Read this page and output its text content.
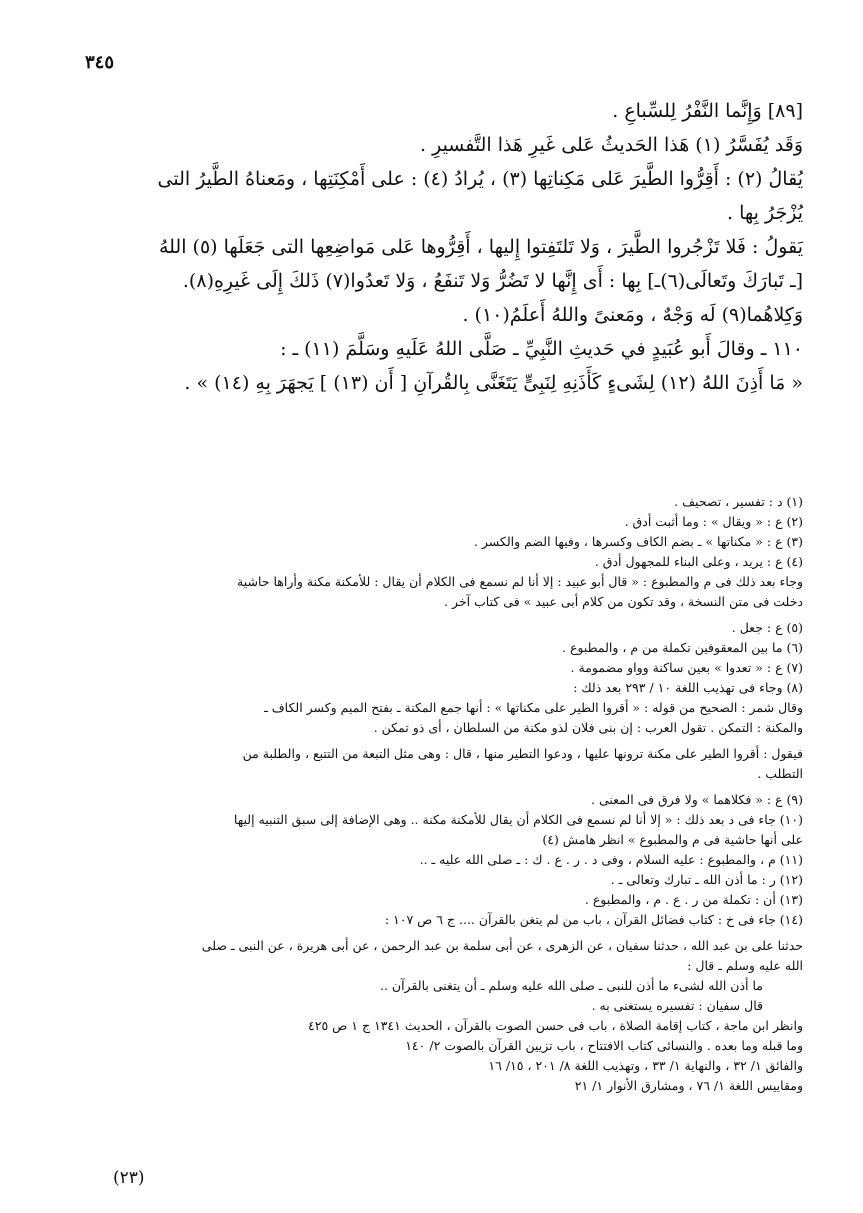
٣٤٥

[٨٩] وَإِنَّما النَّفْرُ لِلسِّباعِ .

وَقَد يُفَسَّرُ (١) هَذا الحَديثُ عَلى غَيرِ هَذا التَّفسيرِ .

يُقالُ (٢) : أَقِرُّوا الطَّيرَ عَلى مَكِناتِها (٣) ، يُرادُ (٤) : على أَمْكِنَتِها ، ومَعناهُ الطَّيرُ التى

يُزْجَرُ بِها .

يَقولُ : فَلا تَزْجُروا الطَّيرَ ، وَلا تَلتَفِتوا إِليها ، أَقِرُّوها عَلى مَواضِعِها التى جَعَلَها (٥) اللهُ

[ـ تَبارَكَ وتَعالَى(٦)ـ] بِها : أَى إِنَّها لا تَضُرُّ وَلا تَنفَعُ ، وَلا تَعدُوا(٧) ذَلكَ إِلَى غَيرِهِ(٨).

وَكِلاهُما(٩) لَه وَجْهٌ ، ومَعنىً واللهُ أَعلَمُ(١٠) .

١١٠ ـ وقالَ أَبو عُبَيدٍ في حَديثِ النَّبِيِّ ـ صَلَّى اللهُ عَلَيهِ وسَلَّمَ (١١) ـ :

« مَا أَذِنَ اللهُ (١٢) لِشَىءٍ كَأَذَنِهِ لِنَبِىٍّ يَتَغَنَّى بِالقُرآنِ [ أَن (١٣) ] يَجهَرَ بِهِ (١٤) » .

(١) د : تفسير ، تصحيف .

(٢) ع : « ويقال » : وما أثبت أدق .

(٣) ع : « مكناتها » ـ بضم الكاف وكسرها ، وفيها الضم والكسر .

(٤) ع : يريد ، وعلى البناء للمجهول أدق .

وجاء بعد ذلك فى م والمطبوع : « قال أبو عبيد : إلا أنا لم نسمع فى الكلام أن يقال : للأمكنة مكنة وأراها حاشية

دخلت فى متن النسخة ، وقد تكون من كلام أبى عبيد » فى كتاب آخر .

(٥) ع : جعل .

(٦) ما بين المعقوفين تكملة من م ، والمطبوع .

(٧) ع : « تعدوا » بعين ساكنة وواو مضمومة .

(٨) وجاء فى تهذيب اللغة ١٠ / ٢٩٣ بعد ذلك :

وقال شمر : الصحيح من قوله : « أقروا الطير على مكناتها » : أنها جمع المكنة ـ بفتح الميم وكسر الكاف ـ

والمكنة : التمكن . تقول العرب : إن بنى فلان لذو مكنة من السلطان ، أى ذو تمكن .

فيقول : أقروا الطير على مكنة ترونها عليها ، ودعوا التطير منها ، قال : وهى مثل التبعة من التتبع ، والطلبة من

التطلب .

(٩) ع : « فكلاهما » ولا فرق فى المعنى .

(١٠) جاء فى د بعد ذلك : « إلا أنا لم نسمع فى الكلام أن يقال للأمكنة مكنة .. وهى الإضافة إلى سبق التنبيه إليها

على أنها حاشية فى م والمطبوع » انظر هامش (٤)

(١١) م ، والمطبوع : عليه السلام ، وفى د . ر . ع . ك : ـ صلى الله عليه ـ ..

(١٢) ر : ما أذن الله ـ تبارك وتعالى ـ .

(١٣) أن : تكملة من ر . ع . م ، والمطبوع .

(١٤) جاء فى خ : كتاب فضائل القرآن ، باب من لم يتغن بالقرآن .... ج ٦ ص ١٠٧ :

حدثنا على بن عبد الله ، حدثنا سفيان ، عن الزهرى ، عن أبى سلمة بن عبد الرحمن ، عن أبى هريرة ، عن النبى ـ صلى

الله عليه وسلم ـ قال :

ما أذن الله لشىء ما أذن للنبى ـ صلى الله عليه وسلم ـ أن يتغنى بالقرآن ..

قال سفيان : تفسيره يستغنى به .

وانظر ابن ماجة ، كتاب إقامة الصلاة ، باب فى حسن الصوت بالقرآن ، الحديث ١٣٤١ ج ١ ص ٤٢٥

وما قبله وما بعده . والنسائى كتاب الافتتاح ، باب تزيين القرآن بالصوت ٢/ ١٤٠

والفائق ١/ ٣٢ ، والنهاية ١/ ٣٣ ، وتهذيب اللغة ٨/ ٢٠١ ، ١٥/ ١٦

ومقاييس اللغة ١/ ٧٦ ، ومشارق الأنوار ١/ ٢١

(٢٣)
